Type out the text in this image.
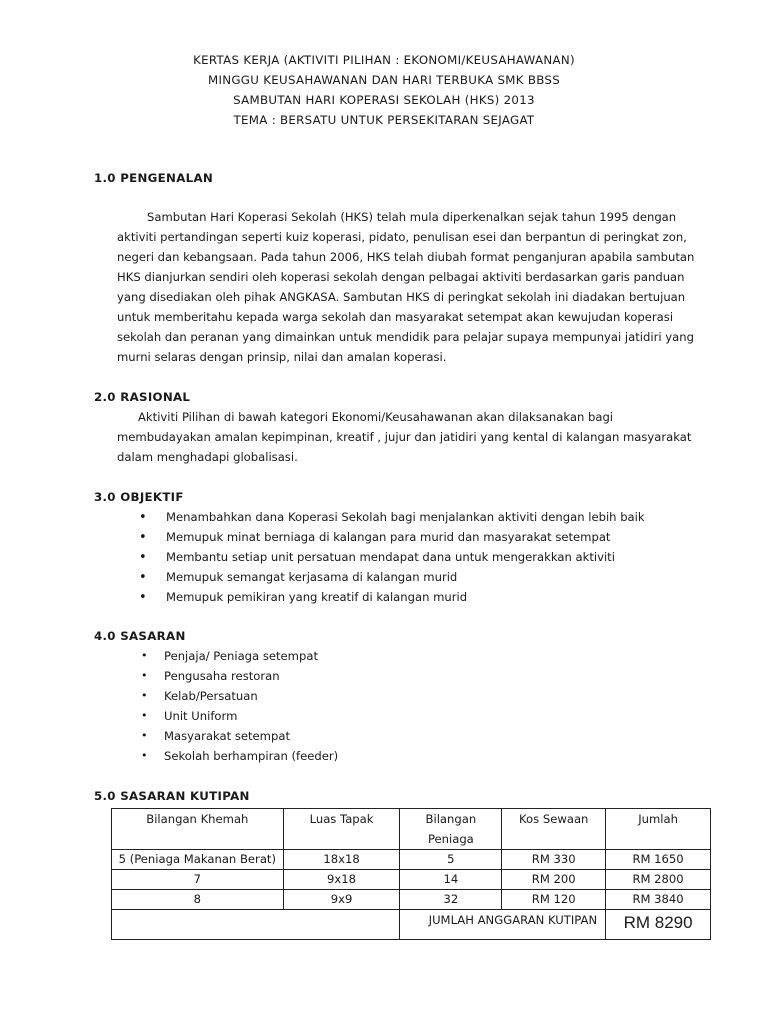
KERTAS KERJA (AKTIVITI PILIHAN : EKONOMI/KEUSAHAWANAN)
MINGGU KEUSAHAWANAN DAN HARI TERBUKA SMK BBSS
SAMBUTAN HARI KOPERASI SEKOLAH (HKS) 2013
TEMA : BERSATU UNTUK PERSEKITARAN SEJAGAT
1.0 PENGENALAN

Sambutan Hari Koperasi Sekolah (HKS) telah mula diperkenalkan sejak tahun 1995 dengan

aktiviti pertandingan seperti kuiz koperasi, pidato, penulisan esei dan berpantun di peringkat zon,

negeri dan kebangsaan. Pada tahun 2006, HKS telah diubah format penganjuran apabila sambutan

HKS dianjurkan sendiri oleh koperasi sekolah dengan pelbagai aktiviti berdasarkan garis panduan

yang disediakan oleh pihak ANGKASA. Sambutan HKS di peringkat sekolah ini diadakan bertujuan

untuk memberitahu kepada warga sekolah dan masyarakat setempat akan kewujudan koperasi

sekolah dan peranan yang dimainkan untuk mendidik para pelajar supaya mempunyai jatidiri yang

murni selaras dengan prinsip, nilai dan amalan koperasi.

2.0 RASIONAL

Aktiviti Pilihan di bawah kategori Ekonomi/Keusahawanan akan dilaksanakan bagi

membudayakan amalan kepimpinan, kreatif , jujur dan jatidiri yang kental di kalangan masyarakat

dalam menghadapi globalisasi.

3.0 OBJEKTIF
• Menambahkan dana Koperasi Sekolah bagi menjalankan aktiviti dengan lebih baik
• Memupuk minat berniaga di kalangan para murid dan masyarakat setempat
• Membantu setiap unit persatuan mendapat dana untuk mengerakkan aktiviti
• Memupuk semangat kerjasama di kalangan murid
• Memupuk pemikiran yang kreatif di kalangan murid
4.0 SASARAN
• Penjaja/ Peniaga setempat
• Pengusaha restoran
• Kelab/Persatuan
• Unit Uniform
• Masyarakat setempat
• Sekolah berhampiran (feeder)
5.0 SASARAN KUTIPAN
Bilangan Khemah	Luas Tapak	Bilangan Peniaga	Kos Sewaan	Jumlah
5 (Peniaga Makanan Berat)	18x18	5	RM 330	RM 1650
7	9x18	14	RM 200	RM 2800
8	9x9	32	RM 120	RM 3840
		JUMLAH ANGGARAN KUTIPAN		RM 8290
